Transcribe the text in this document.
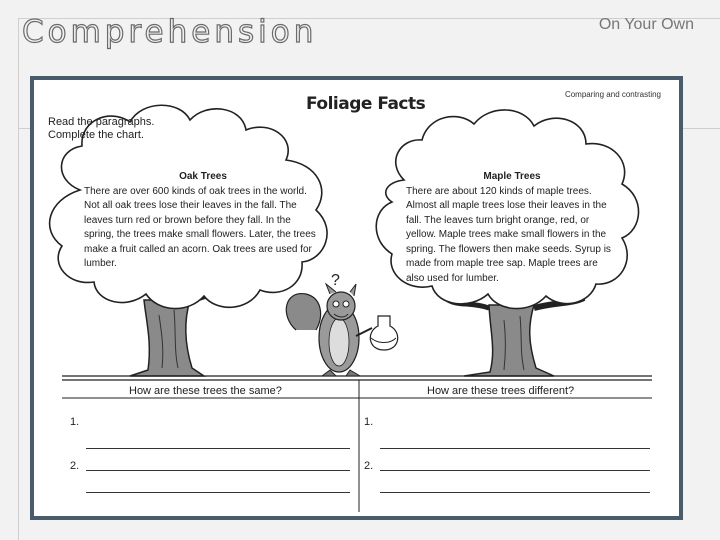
Comprehension	On Your Own
?
Foliage Facts	Comparing and contrasting
Read the paragraphs.
Complete the chart.
Oak Trees
There are over 600 kinds of oak trees in the world. Not all oak trees lose their leaves in the fall. The leaves turn red or brown before they fall. In the spring, the trees make small flowers. Later, the trees make a fruit called an acorn. Oak trees are used for lumber.
Maple Trees
There are about 120 kinds of maple trees. Almost all maple trees lose their leaves in the fall. The leaves turn bright orange, red, or yellow. Maple trees make small flowers in the spring. The flowers then make seeds. Syrup is made from maple tree sap. Maple trees are also used for lumber.
How are these trees the same?	How are these trees different?
1.
2.
1.
2.
